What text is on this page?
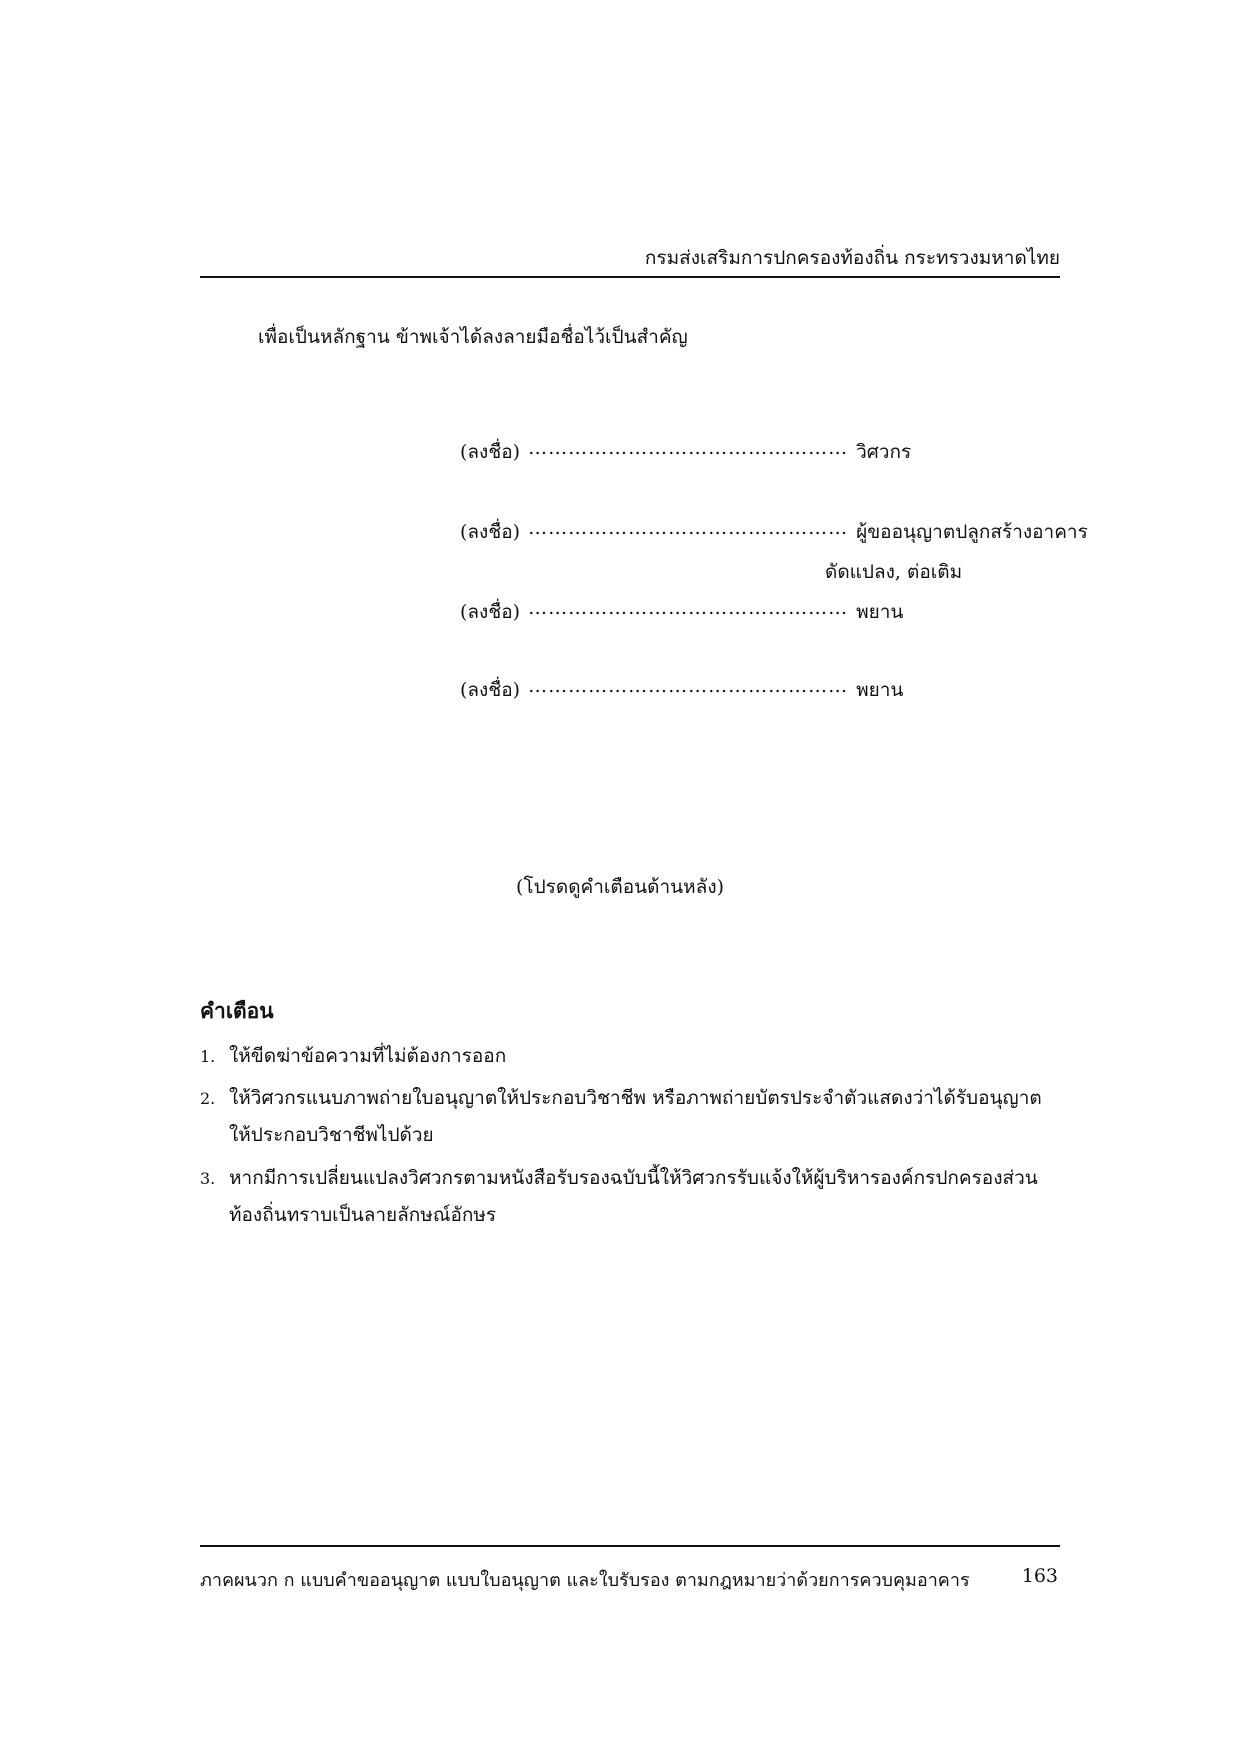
กรมส่งเสริมการปกครองท้องถิ่น กระทรวงมหาดไทย
เพื่อเป็นหลักฐาน ข้าพเจ้าได้ลงลายมือชื่อไว้เป็นสำคัญ
(ลงชื่อ) ………………………………………… วิศวกร
(ลงชื่อ) ………………………………………… ผู้ขออนุญาตปลูกสร้างอาคาร
ดัดแปลง, ต่อเติม
(ลงชื่อ) ………………………………………… พยาน
(ลงชื่อ) ………………………………………… พยาน
(โปรดดูคำเตือนด้านหลัง)
คำเตือน
1. ให้ขีดฆ่าข้อความที่ไม่ต้องการออก
2. ให้วิศวกรแนบภาพถ่ายใบอนุญาตให้ประกอบวิชาชีพ หรือภาพถ่ายบัตรประจำตัวแสดงว่าได้รับอนุญาต ให้ประกอบวิชาชีพไปด้วย
3. หากมีการเปลี่ยนแปลงวิศวกรตามหนังสือรับรองฉบับนี้ให้วิศวกรรับแจ้งให้ผู้บริหารองค์กรปกครองส่วนท้องถิ่นทราบเป็นลายลักษณ์อักษร
ภาคผนวก ก แบบคำขออนุญาต แบบใบอนุญาต และใบรับรอง ตามกฎหมายว่าด้วยการควบคุมอาคาร	163
